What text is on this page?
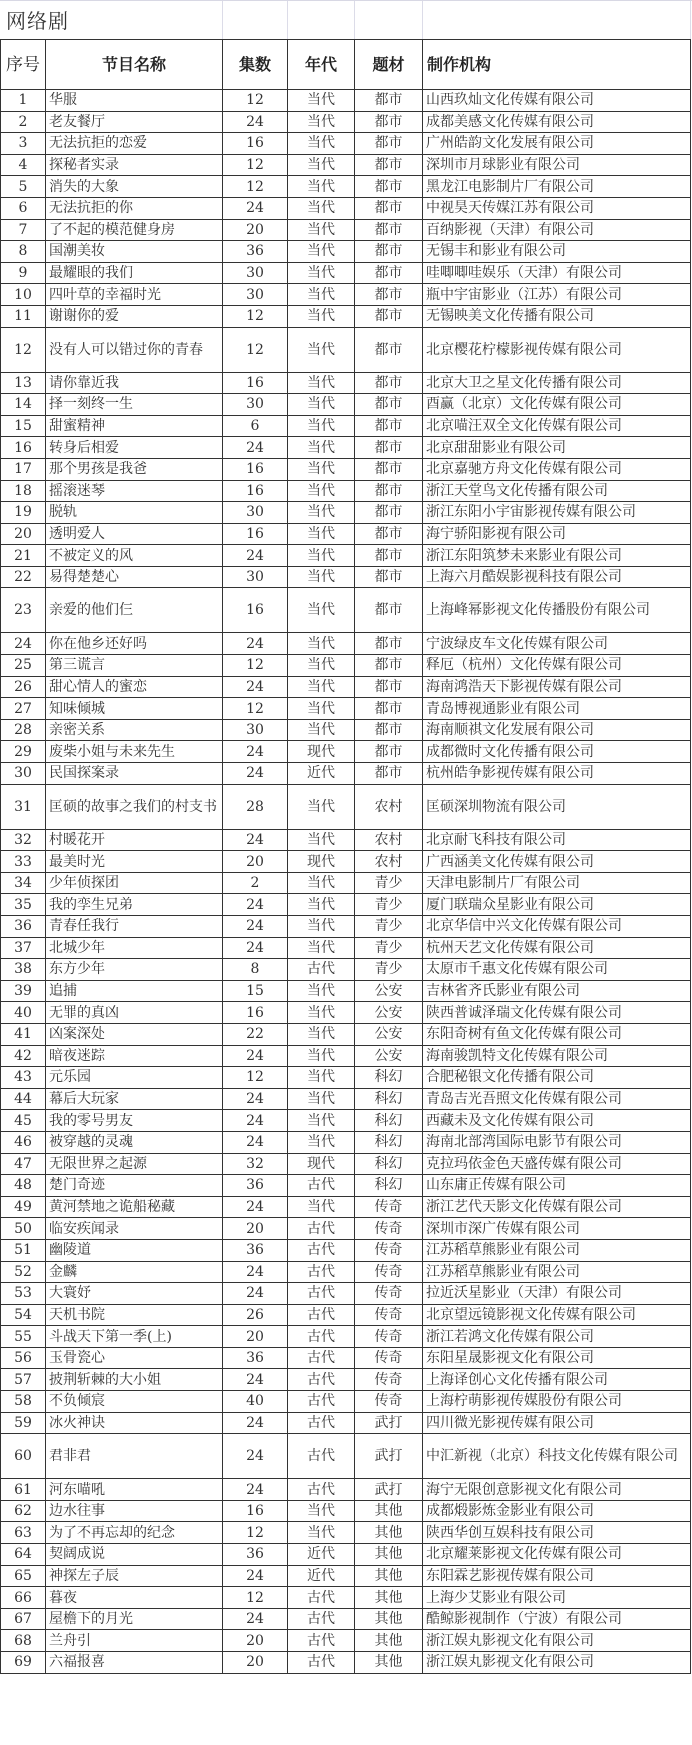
网络剧
序号	节目名称	集数	年代	题材	制作机构
1	华服	12	当代	都市	山西玖灿文化传媒有限公司
2	老友餐厅	24	当代	都市	成都美感文化传媒有限公司
3	无法抗拒的恋爱	16	当代	都市	广州皓韵文化发展有限公司
4	探秘者实录	12	当代	都市	深圳市月球影业有限公司
5	消失的大象	12	当代	都市	黑龙江电影制片厂有限公司
6	无法抗拒的你	24	当代	都市	中视昊天传媒江苏有限公司
7	了不起的模范健身房	20	当代	都市	百纳影视（天津）有限公司
8	国潮美妆	36	当代	都市	无锡丰和影业有限公司
9	最耀眼的我们	30	当代	都市	哇唧唧哇娱乐（天津）有限公司
10	四叶草的幸福时光	30	当代	都市	瓶中宇宙影业（江苏）有限公司
11	谢谢你的爱	12	当代	都市	无锡映美文化传播有限公司
12	没有人可以错过你的青春	12	当代	都市	北京樱花柠檬影视传媒有限公司
13	请你靠近我	16	当代	都市	北京大卫之星文化传播有限公司
14	择一刻终一生	30	当代	都市	酉赢（北京）文化传媒有限公司
15	甜蜜精神	6	当代	都市	北京喵汪双全文化传媒有限公司
16	转身后相爱	24	当代	都市	北京甜甜影业有限公司
17	那个男孩是我爸	16	当代	都市	北京嘉驰方舟文化传媒有限公司
18	摇滚迷琴	16	当代	都市	浙江天堂鸟文化传播有限公司
19	脱轨	30	当代	都市	浙江东阳小宇宙影视传媒有限公司
20	透明爱人	16	当代	都市	海宁骄阳影视有限公司
21	不被定义的风	24	当代	都市	浙江东阳筑梦未来影业有限公司
22	易得楚楚心	30	当代	都市	上海六月酷娱影视科技有限公司
23	亲爱的他们仨	16	当代	都市	上海峰幂影视文化传播股份有限公司
24	你在他乡还好吗	24	当代	都市	宁波绿皮车文化传媒有限公司
25	第三谎言	12	当代	都市	释厄（杭州）文化传媒有限公司
26	甜心情人的蜜恋	24	当代	都市	海南鸿浩天下影视传媒有限公司
27	知味倾城	12	当代	都市	青岛博视通影业有限公司
28	亲密关系	30	当代	都市	海南顺祺文化发展有限公司
29	废柴小姐与未来先生	24	现代	都市	成都微时文化传播有限公司
30	民国探案录	24	近代	都市	杭州皓争影视传媒有限公司
31	匡硕的故事之我们的村支书	28	当代	农村	匡硕深圳物流有限公司
32	村暖花开	24	当代	农村	北京耐飞科技有限公司
33	最美时光	20	现代	农村	广西涵美文化传媒有限公司
34	少年侦探团	2	当代	青少	天津电影制片厂有限公司
35	我的孪生兄弟	24	当代	青少	厦门联瑞众星影业有限公司
36	青春任我行	24	当代	青少	北京华信中兴文化传媒有限公司
37	北城少年	24	当代	青少	杭州天艺文化传媒有限公司
38	东方少年	8	古代	青少	太原市千惠文化传媒有限公司
39	追捕	15	当代	公安	吉林省齐氏影业有限公司
40	无罪的真凶	16	当代	公安	陕西普诚泽瑞文化传媒有限公司
41	凶案深处	22	当代	公安	东阳奇树有鱼文化传媒有限公司
42	暗夜迷踪	24	当代	公安	海南骏凯特文化传媒有限公司
43	元乐园	12	当代	科幻	合肥秘银文化传播有限公司
44	幕后大玩家	24	当代	科幻	青岛吉光吾照文化传媒有限公司
45	我的零号男友	24	当代	科幻	西藏未及文化传媒有限公司
46	被穿越的灵魂	24	当代	科幻	海南北部湾国际电影节有限公司
47	无限世界之起源	32	现代	科幻	克拉玛依金色天盛传媒有限公司
48	楚门奇迹	36	古代	科幻	山东庸正传媒有限公司
49	黄河禁地之诡船秘藏	24	当代	传奇	浙江艺代天影文化传媒有限公司
50	临安疾闻录	20	古代	传奇	深圳市深广传媒有限公司
51	幽陵道	36	古代	传奇	江苏稻草熊影业有限公司
52	金麟	24	古代	传奇	江苏稻草熊影业有限公司
53	大寰妤	24	古代	传奇	拉近沃星影业（天津）有限公司
54	天机书院	26	古代	传奇	北京望远镜影视文化传媒有限公司
55	斗战天下第一季(上)	20	古代	传奇	浙江若鸿文化传媒有限公司
56	玉骨瓷心	36	古代	传奇	东阳星晟影视文化有限公司
57	披荆斩棘的大小姐	24	古代	传奇	上海译创心文化传播有限公司
58	不负倾宸	40	古代	传奇	上海柠萌影视传媒股份有限公司
59	冰火神诀	24	古代	武打	四川微光影视传媒有限公司
60	君非君	24	古代	武打	中汇新视（北京）科技文化传媒有限公司
61	河东喵吼	24	古代	武打	海宁无限创意影视文化有限公司
62	边水往事	16	当代	其他	成都煅影炼金影业有限公司
63	为了不再忘却的纪念	12	当代	其他	陕西华创互娱科技有限公司
64	契阔成说	36	近代	其他	北京耀莱影视文化传媒有限公司
65	神探左子辰	24	近代	其他	东阳霖艺影视传媒有限公司
66	暮夜	12	古代	其他	上海少艾影业有限公司
67	屋檐下的月光	24	古代	其他	酷鲸影视制作（宁波）有限公司
68	兰舟引	20	古代	其他	浙江娱丸影视文化有限公司
69	六福报喜	20	古代	其他	浙江娱丸影视文化有限公司
